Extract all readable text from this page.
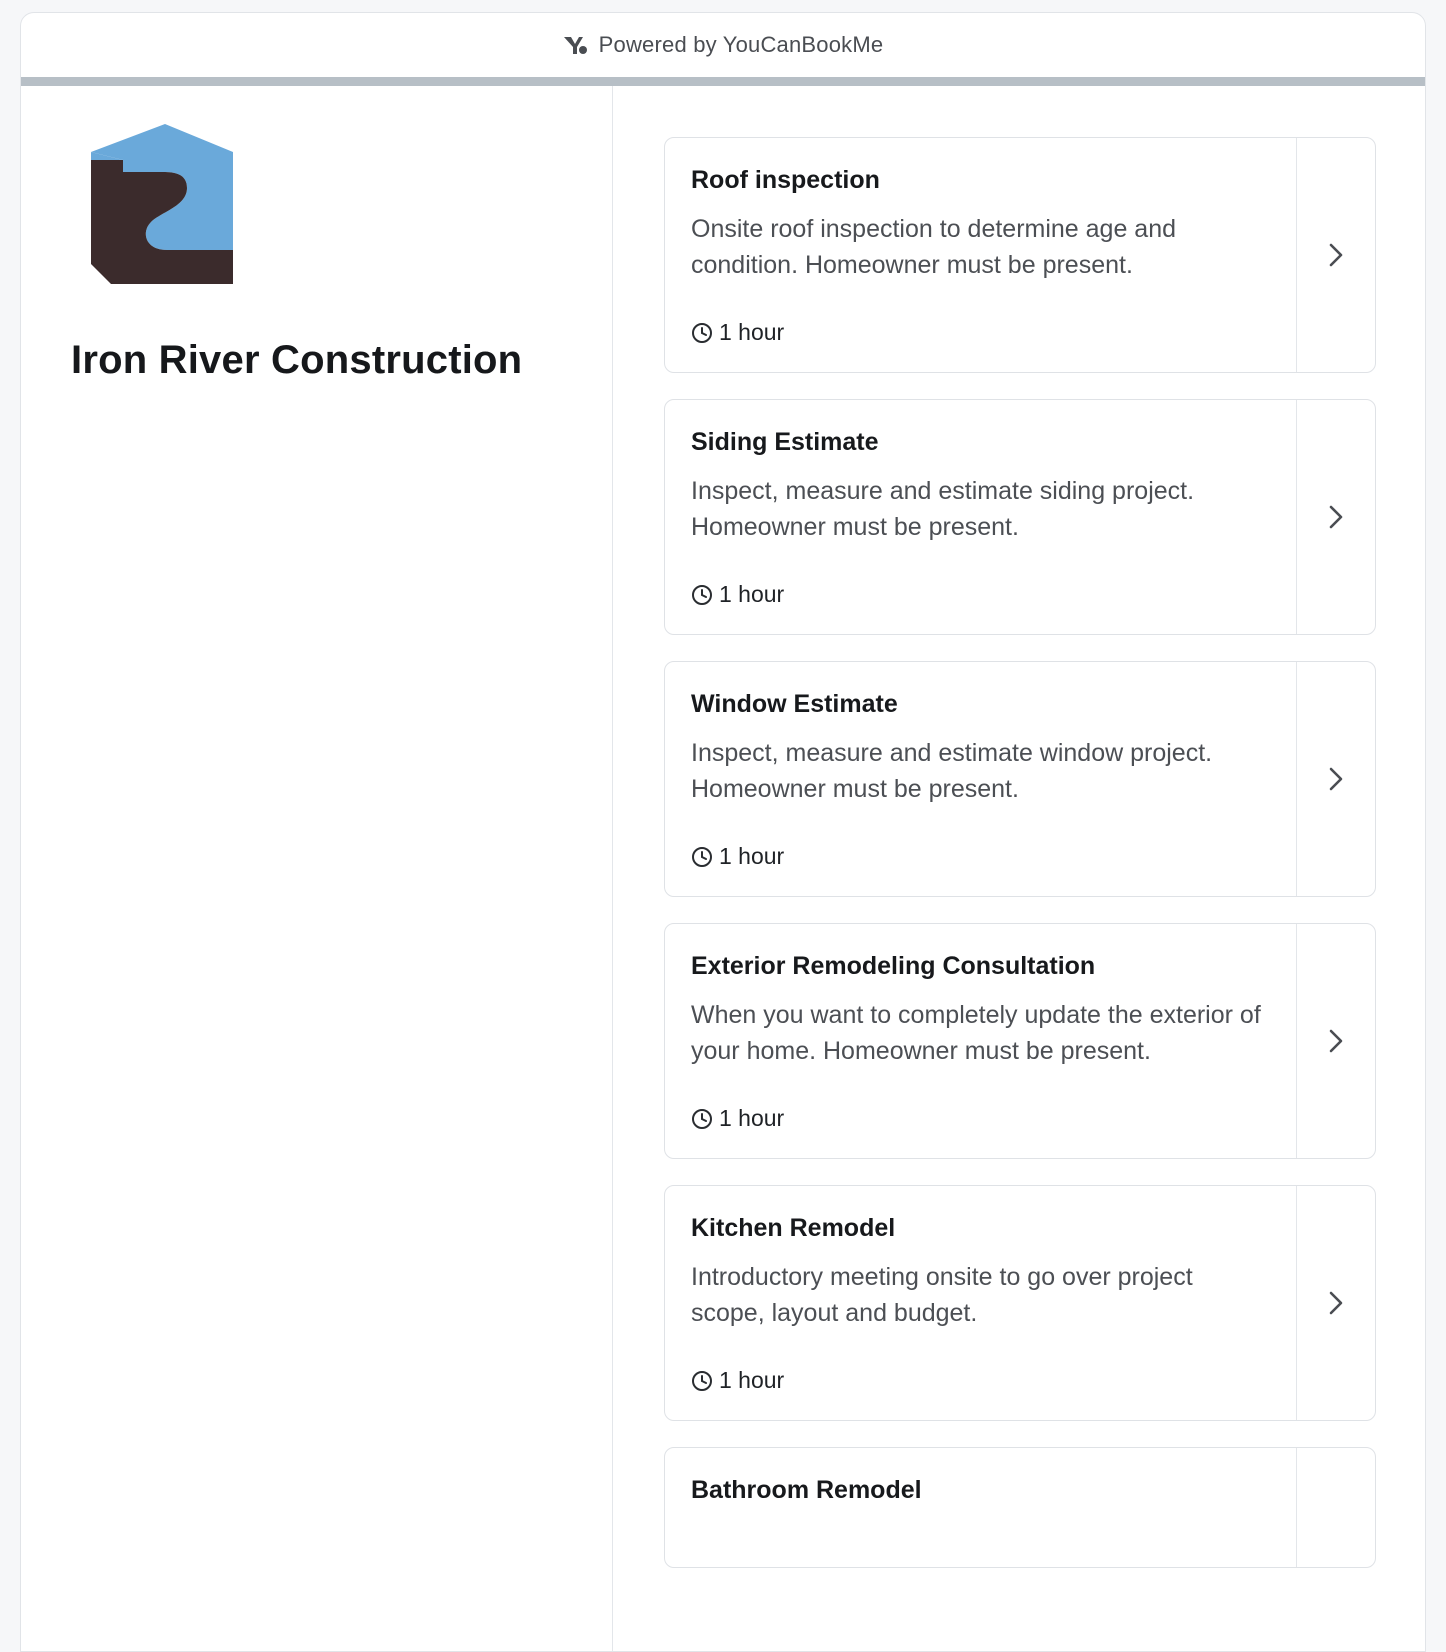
Powered by YouCanBookMe
Iron River Construction
Roof inspection
Onsite roof inspection to determine age and condition. Homeowner must be present.
1 hour
Siding Estimate
Inspect, measure and estimate siding project. Homeowner must be present.
1 hour
Window Estimate
Inspect, measure and estimate window project. Homeowner must be present.
1 hour
Exterior Remodeling Consultation
When you want to completely update the exterior of your home. Homeowner must be present.
1 hour
Kitchen Remodel
Introductory meeting onsite to go over project scope, layout and budget.
1 hour
Bathroom Remodel
